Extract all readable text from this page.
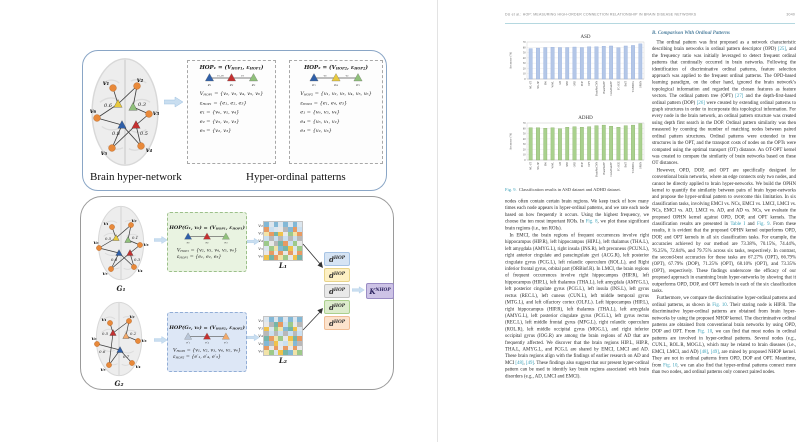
0.6	0.3
0.8	0.5
v₁	v₂
v₃
v₄
v₅
v₆
$HOP_1 = (V_{HOP1}$, $\varepsilon_{HOP1}$)
e₁	e₂	e₃
v₅,v₆	v₃
$V_{HOP1} = \{v_2$, v₃, v₄, v₅, v₆}
$\varepsilon_{HOP1} = \{e_1$, e₂, e₃}
e₁ = {v₆, v₅, v₄}
e₂ = {v₅, v₆, v₃}
e₃ = {v₂, v₃}
$HOP_2 = (V_{HOP2}$, $\varepsilon_{HOP2}$)
e₁	e₄	e₃
v₆	v₂
$V_{HOP2} = \{v_1$, v₂, v₃, v₄, v₅, v₆}
$\varepsilon_{HOP2} = \{e_1$, e₄, e₃}
e₁ = {v₆, v₅, v₄}
e₄ = {v₆, v₁, v₂}
e₃ = {v₂, v₃}
Brain hyper-network	Hyper-ordinal patterns
0.5	0.1
0.8	0.3
v₁	v₂
v₃
v₄
v₅
v₆
G₁
HOP(G₁, $v_6) = (V_{HOP1}$, $\varepsilon_{HOP1}$)
e₁	e₂	e₃
$V_{HOP1} = \{v_2$, v₃, v₄, v₅, v₆}
$\varepsilon_{HOP1} = \{e_1$, e₂, e₃}
v₂
v₃
v₄
v₅
v₆
L₁
0.5	0.2
0.7
0.6
v₁	v₂
v₃
v₄
v₅
v₆
G₂
HOP(G₂, $v_6) = (V_{HOP2}$, $\varepsilon_{HOP2}$)
e′₁	e′₄	e′₃
$V_{HOP2} = \{v_1$, v₂, v₃, v₄, v₅, v₆}
$\varepsilon_{HOP2} = \{e'_1$, e′₄, e′₃}
v₂
v₃
v₄
v₅
v₆
L₂
d HOP
d HOP
d HOP
d HOP
d HOP
K NHOP
DU et al.: HOP: MEASURING HIGH-ORDER CONNECTION RELATIONSHIP IN BRAIN DISEASE NETWORKS	3040
ASD
Accuracy (%)
0
10
20
30
40
50
60
70
WL-ST WL-SP RW WWL GH SPD OPD DOP OPT BrainNetCNN BrainNetTF Com-BrainTF FC-SGE BolT T2-BNDG OPHN
ADHD
Accuracy (%)
0
10
20
30
40
50
60
70
WL-ST WL-SP RW WWL GH SPD OPD DOP OPT BrainNetCNN BrainNetTF Com-BrainTF FC-SGE BolT T2-BNDG OPHN
Fig. 9. Classification results in ASD dataset and ADHD dataset.

nodes often contain certain brain regions. We keep track of how many times each node appears in hyper-ordinal patterns, and we rate each node based on how frequently it occurs. Using the highest frequency, we choose the ten most important ROIs. In Fig. 8, we plot these significant brain regions (i.e., ten ROIs).

In EMCI, the brain regions of frequent occurrences involve right hippocampus (HIP.R), left hippocampus (HIP.L), left thalamus (THA.L), left amygdala (AMYG.L), right insula (INS.R), left precuneus (PCUN.L), right anterior cingulate and paracingulate gyri (ACG.R), left posterior cingulate gyrus (PCG.L), left rolandic operculum (ROL.L), and Right inferior frontal gyrus, orbital part (ORBinf.R). In LMCI, the brain regions of frequent occurrences involve right hippocampus (HIP.R), left hippocampus (HIP.L), left thalamus (THA.L), left amygdala (AMYG.L), left posterior cingulate gyrus (PCG.L), left insula (INS.L), left gyrus rectus (REC.L), left cuneus (CUN.L), left middle temporal gyrus (MTG.L), and left olfactory cortex (OLF.L). Left hippocampus (HIP.L), right hippocampus (HIP.R), left thalamus (THA.L), left amygdala (AMYG.L), left posterior cingulate gyrus (PCG.L), left gyrus rectus (REC.L), left middle frontal gyrus (MFG.L), right rolandic operculum (ROL.R), left middle occipital gyrus (MOG.L), and right inferior occipital gyrus (IOG.R) are among the brain regions of AD that are frequently affected. We discover that the brain regions HIP.L, HIP.R, THA.L, AMYG.L, and PCG.L are shared by EMCI, LMCI and AD. These brain regions align with the findings of earlier research on AD and MCI [48], [49]. These findings also suggest that our present hyper-ordinal pattern can be used to identify key brain regions associated with brain disorders (e.g., AD, LMCI and EMCI).

B. Comparison With Ordinal Patterns

The ordinal pattern was first proposed as a network characteristic describing brain networks in ordinal pattern descriptor (OPD) [25], and the frequency ratio was initially leveraged to detect frequent ordinal patterns that continually occurred in brain networks. Following the identification of discriminative ordinal patterns, feature selection approach was applied to the frequent ordinal patterns. The OPD-based learning paradigm, on the other hand, ignored the brain network’s topological information and regarded the chosen features as feature vectors. The ordinal pattern tree (OPT) [27] and the depth-first-based ordinal pattern (DOP) [26] were created by extending ordinal patterns to graph structures in order to incorporate this topological information. For every node in the brain network, an ordinal pattern structure was created using depth first search in the DOP. Ordinal pattern similarity was then measured by counting the number of matching nodes between paired ordinal pattern structures. Ordinal patterns were extended to tree structures in the OPT, and the transport costs of nodes on the OPTs were computed using the optimal transport (OT) distance. An OT-OPT kernel was created to compare the similarity of brain networks based on these OT distances.

However, OPD, DOP, and OPT are specifically designed for conventional brain networks, where an edge connects only two nodes, and cannot be directly applied to brain hyper-networks. We build the OPHN kernel to quantify the similarity between pairs of brain hyper-networks and propose the hyper-ordinal pattern to overcome this limitation. In six classification tasks, involving EMCI vs. NCs, EMCI vs. LMCI, LMCI vs. NCs, EMCI vs. AD, LMCI vs. AD, and AD vs. NCs, we evaluate the proposed OPHN kernel against OPD, DOP, and OPT kernels. The classification results are presented in Table I and Fig. 9. From these results, it is evident that the proposed OPHN kernel outperforms OPD, DOP, and OPT kernels in all six classification tasks. For example, the accuracies achieved by our method are 73.38%, 70.15%, 74.44%, 76.25%, 72.84%, and 79.75% across six tasks, respectively. In contrast, the second-best accuracies for these tasks are 67.27% (OPT), 66.79% (OPT), 67.79% (DOP), 71.25% (OPT), 68.10% (OPT), and 73.35% (OPT), respectively. These findings underscore the efficacy of our proposed approach in examining brain hyper-networks by showing that it outperforms OPD, DOP, and OPT kernels in each of the six classification tasks.

Furthermore, we compare the discriminative hyper-ordinal patterns and ordinal patterns, as shown in Fig. 10. Their staring node is HIP.R. The discriminative hyper-ordinal patterns are obtained from brain hyper-networks by using the proposed NHOP kernel. The discriminative ordinal patterns are obtained from conventional brain networks by using OPD, DOP and OPT. From Fig. 10, we can find that most nodes in ordinal patterns are involved in hyper-ordinal patterns. Several nodes (e.g., CUN.L, ROL.R, MOG.L), which may be related to brain diseases (i.e., EMCI, LMCI, and AD) [48], [49], are mined by proposed NHOP kernel. They are not in ordinal patterns from OPD, DOP and OPT. Meantime, from Fig. 10, we can also find that hyper-ordinal patterns connect more than two nodes, and ordinal patterns only connect paired nodes.
